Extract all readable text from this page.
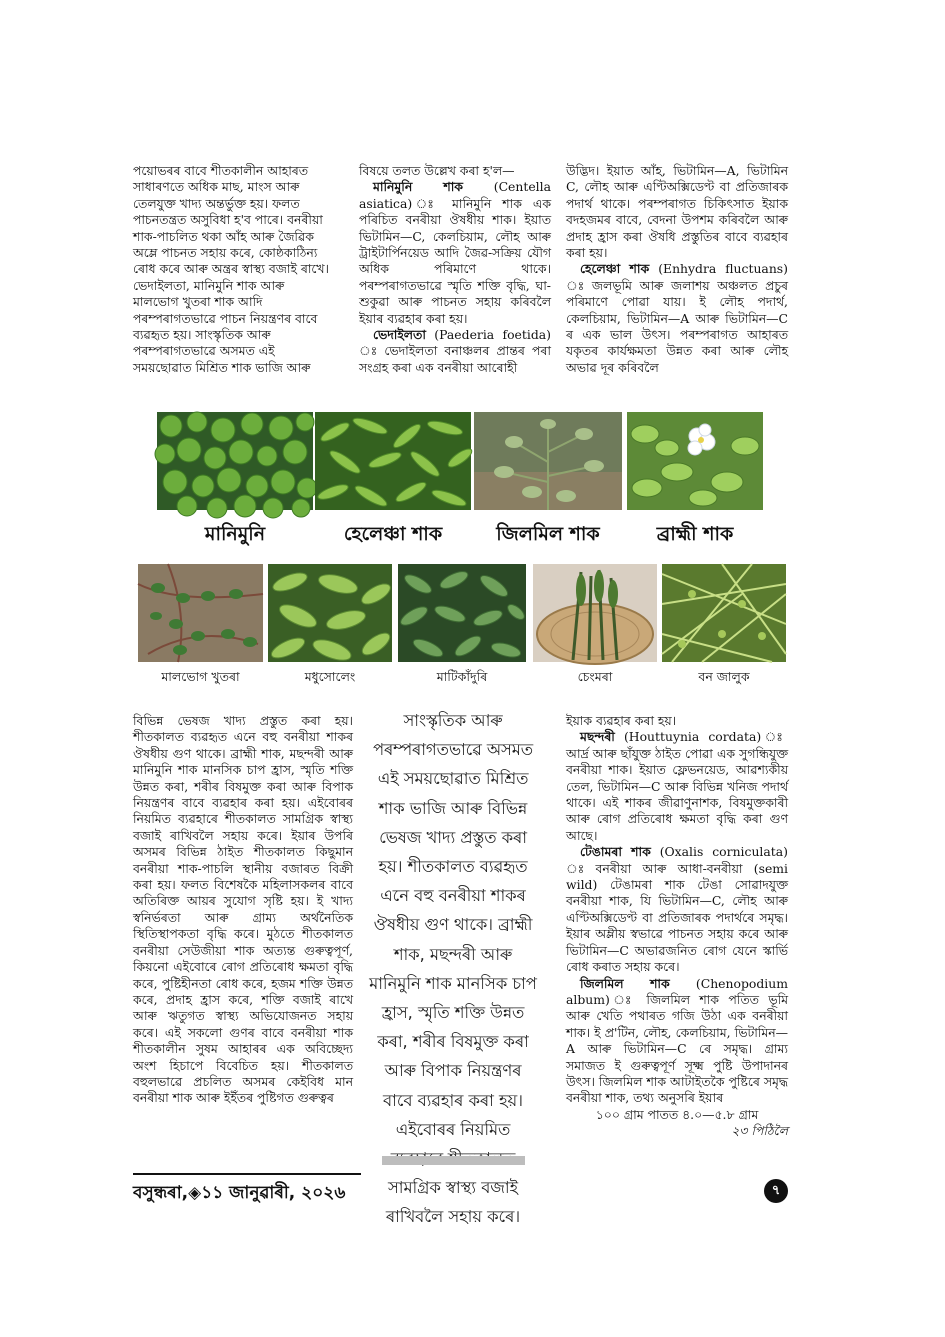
পয়োভৰৰ বাবে শীতকালীন আহাৰত

সাধাৰণতে অধিক মাছ, মাংস আৰু

তেলযুক্ত খাদ্য অন্তৰ্ভুক্ত হয়। ফলত

পাচনতন্ত্ৰত অসুবিধা হ'ব পাৰে। বনৰীয়া

শাক-পাচলিত থকা আঁহ আৰু জৈৱিক

অম্লে পাচনত সহায় কৰে, কোষ্ঠকাঠিন্য

ৰোধ কৰে আৰু অন্ত্ৰৰ স্বাস্থ্য বজাই ৰাখে।

ভেদাইলতা, মানিমুনি শাক আৰু

মালভোগ খুতৰা শাক আদি

পৰম্পৰাগতভাৱে পাচন নিয়ন্ত্ৰণৰ বাবে

ব্যৱহৃত হয়। সাংস্কৃতিক আৰু

পৰম্পৰাগতভাৱে অসমত এই

সময়ছোৱাত মিশ্ৰিত শাক ভাজি আৰু

বিষয়ে তলত উল্লেখ কৰা হ'ল—

মানিমুনি শাক (Centella asiatica) ঃ মানিমুনি শাক এক পৰিচিত বনৰীয়া ঔষধীয় শাক। ইয়াত ভিটামিন—C, কেলচিয়াম, লৌহ আৰু ট্ৰাইটাৰ্পিনয়েড আদি জৈৱ-সক্ৰিয় যৌগ অধিক পৰিমাণে থাকে। পৰম্পৰাগতভাৱে স্মৃতি শক্তি বৃদ্ধি, ঘা-শুকুৱা আৰু পাচনত সহায় কৰিবলৈ ইয়াৰ ব্যৱহাৰ কৰা হয়।

ভেদাইলতা (Paederia foetida) ঃ ভেদাইলতা বনাঞ্চলৰ প্ৰান্তৰ পৰা সংগ্ৰহ কৰা এক বনৰীয়া আৰোহী

উদ্ভিদ। ইয়াত আঁহ, ভিটামিন—A, ভিটামিন C, লৌহ আৰু এণ্টিঅক্সিডেণ্ট বা প্ৰতিজাৰক পদাৰ্থ থাকে। পৰম্পৰাগত চিকিৎসাত ইয়াক বদহজমৰ বাবে, বেদনা উপশম কৰিবলৈ আৰু প্ৰদাহ হ্ৰাস কৰা ঔষধি প্ৰস্তুতিৰ বাবে ব্যৱহাৰ কৰা হয়।

হেলেঞ্চা শাক (Enhydra fluctuans) ঃ জলভূমি আৰু জলাশয় অঞ্চলত প্ৰচুৰ পৰিমাণে পোৱা যায়। ই লৌহ পদাৰ্থ, কেলচিয়াম, ভিটামিন—A আৰু ভিটামিন—C ৰ এক ভাল উৎস। পৰম্পৰাগত আহাৰত যকৃতৰ কাৰ্যক্ষমতা উন্নত কৰা আৰু লৌহ অভাৱ দূৰ কৰিবলৈ

মানিমুনি	হেলেঞ্চা শাক	জিলমিল শাক	ব্ৰাহ্মী শাক
মালভোগ খুতৰা	মধুসোলেং	মাটিকাঁদুৰি	চেংমৰা	বন জালুক

বিভিন্ন ভেষজ খাদ্য প্ৰস্তুত কৰা হয়। শীতকালত ব্যৱহৃত এনে বহু বনৰীয়া শাকৰ ঔষধীয় গুণ থাকে। ব্ৰাহ্মী শাক, মছন্দৰী আৰু মানিমুনি শাক মানসিক চাপ হ্ৰাস, স্মৃতি শক্তি উন্নত কৰা, শৰীৰ বিষমুক্ত কৰা আৰু বিপাক নিয়ন্ত্ৰণৰ বাবে ব্যৱহাৰ কৰা হয়। এইবোৰৰ নিয়মিত ব্যৱহাৰে শীতকালত সামগ্ৰিক স্বাস্থ্য বজাই ৰাখিবলৈ সহায় কৰে। ইয়াৰ উপৰি অসমৰ বিভিন্ন ঠাইত শীতকালত কিছুমান বনৰীয়া শাক-পাচলি স্থানীয় বজাৰত বিক্ৰী কৰা হয়। ফলত বিশেষকৈ মহিলাসকলৰ বাবে অতিৰিক্ত আয়ৰ সুযোগ সৃষ্টি হয়। ই খাদ্য স্বনিৰ্ভৰতা আৰু গ্ৰাম্য অৰ্থনৈতিক স্থিতিস্থাপকতা বৃদ্ধি কৰে। মুঠতে শীতকালত বনৰীয়া সেউজীয়া শাক অত্যন্ত গুৰুত্বপূৰ্ণ, কিয়নো এইবোৰে ৰোগ প্ৰতিৰোধ ক্ষমতা বৃদ্ধি কৰে, পুষ্টিহীনতা ৰোধ কৰে, হজম শক্তি উন্নত কৰে, প্ৰদাহ হ্ৰাস কৰে, শক্তি বজাই ৰাখে আৰু ঋতুগত স্বাস্থ্য অভিযোজনত সহায় কৰে। এই সকলো গুণৰ বাবে বনৰীয়া শাক শীতকালীন সুষম আহাৰৰ এক অবিচ্ছেদ্য অংশ হিচাপে বিবেচিত হয়। শীতকালত বহুলভাৱে প্ৰচলিত অসমৰ কেইবিধ মান বনৰীয়া শাক আৰু ইইঁতৰ পুষ্টিগত গুৰুত্বৰ

সাংস্কৃতিক আৰু পৰম্পৰাগতভাৱে অসমত এই সময়ছোৱাত মিশ্ৰিত শাক ভাজি আৰু বিভিন্ন ভেষজ খাদ্য প্ৰস্তুত কৰা হয়। শীতকালত ব্যৱহৃত এনে বহু বনৰীয়া শাকৰ ঔষধীয় গুণ থাকে। ব্ৰাহ্মী শাক, মছন্দৰী আৰু মানিমুনি শাক মানসিক চাপ হ্ৰাস, স্মৃতি শক্তি উন্নত কৰা, শৰীৰ বিষমুক্ত কৰা আৰু বিপাক নিয়ন্ত্ৰণৰ বাবে ব্যৱহাৰ কৰা হয়। এইবোৰৰ নিয়মিত সামগ্ৰিক স্বাস্থ্য বজাই ৰাখিবলৈ সহায় কৰে।

ইয়াক ব্যৱহাৰ কৰা হয়।

মছন্দৰী (Houttuynia cordata) আৰ্দ্ৰ আৰু ছাঁযুক্ত ঠাইত পোৱা এক সুগন্ধিযুক্ত বনৰীয়া শাক। ইয়াত ফ্লেভনয়েড, আৱশ্যকীয় তেল, ভিটামিন—C আৰু বিভিন্ন খনিজ পদাৰ্থ থাকে। এই শাকৰ জীৱাণুনাশক, বিষমুক্তকাৰী আৰু ৰোগ প্ৰতিৰোধ ক্ষমতা বৃদ্ধি কৰা গুণ আছে।

টেঙামৰা শাক (Oxalis corniculata) ঃ বনৰীয়া আৰু আধা-বনৰীয়া (semi wild) টেঙামৰা শাক টেঙা সোৱাদযুক্ত বনৰীয়া শাক, যি ভিটামিন—C, লৌহ আৰু এণ্টিঅক্সিডেণ্ট বা প্ৰতিজাৰক পদাৰ্থৰে সমৃদ্ধ। ইয়াৰ অম্লীয় স্বভাৱে পাচনত সহায় কৰে আৰু ভিটামিন—C অভাৱজনিত ৰোগ যেনে স্কাৰ্ভি ৰোধ কৰাত সহায় কৰে।

জিলমিল শাক (Chenopodium album) ঃ জিলমিল শাক পতিত ভূমি আৰু খেতি পথাৰত গজি উঠা এক বনৰীয়া শাক। ই প্ৰ'টিন, লৌহ, কেলচিয়াম, ভিটামিন—A আৰু ভিটামিন—C ৰে সমৃদ্ধ। গ্ৰাম্য সমাজত ই গুৰুত্বপূৰ্ণ সূক্ষ্ম পুষ্টি উপাদানৰ উৎস। জিলমিল শাক আটাইতকৈ পুষ্টিৰে সমৃদ্ধ বনৰীয়া শাক, তথ্য অনুসৰি ইয়াৰ

১০০ গ্ৰাম পাতত ৪.০—৫.৮ গ্ৰাম

২৩ পিঠিলৈ

বসুন্ধৰা,◈১১ জানুৱাৰী, ২০২৬	৭
